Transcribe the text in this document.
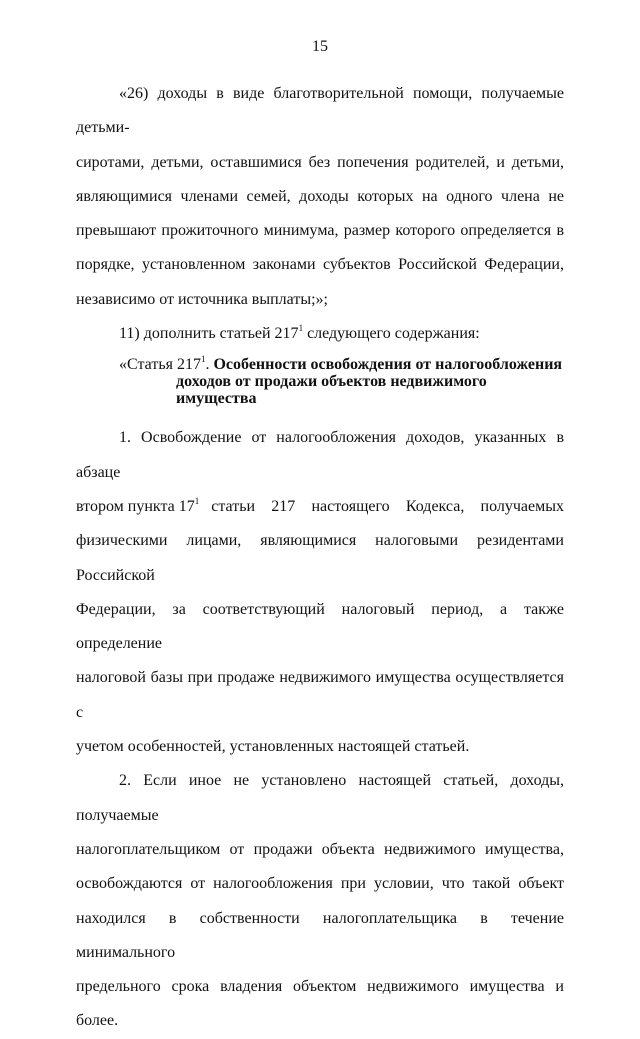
15
«26) доходы в виде благотворительной помощи, получаемые детьми-
сиротами, детьми, оставшимися без попечения родителей, и детьми,
являющимися членами семей, доходы которых на одного члена не
превышают прожиточного минимума, размер которого определяется в
порядке, установленном законами субъектов Российской Федерации,
независимо от источника выплаты;»;
11) дополнить статьей $217^1$ следующего содержания:
«Статья $217^1$. Особенности освобождения от налогообложения
доходов от продажи объектов недвижимого
имущества
1. Освобождение от налогообложения доходов, указанных в абзаце
втором пункта $17^1$ статьи 217 настоящего Кодекса, получаемых
физическими лицами, являющимися налоговыми резидентами Российской
Федерации, за соответствующий налоговый период, а также определение
налоговой базы при продаже недвижимого имущества осуществляется с
учетом особенностей, установленных настоящей статьей.
2. Если иное не установлено настоящей статьей, доходы, получаемые
налогоплательщиком от продажи объекта недвижимого имущества,
освобождаются от налогообложения при условии, что такой объект
находился в собственности налогоплательщика в течение минимального
предельного срока владения объектом недвижимого имущества и более.
